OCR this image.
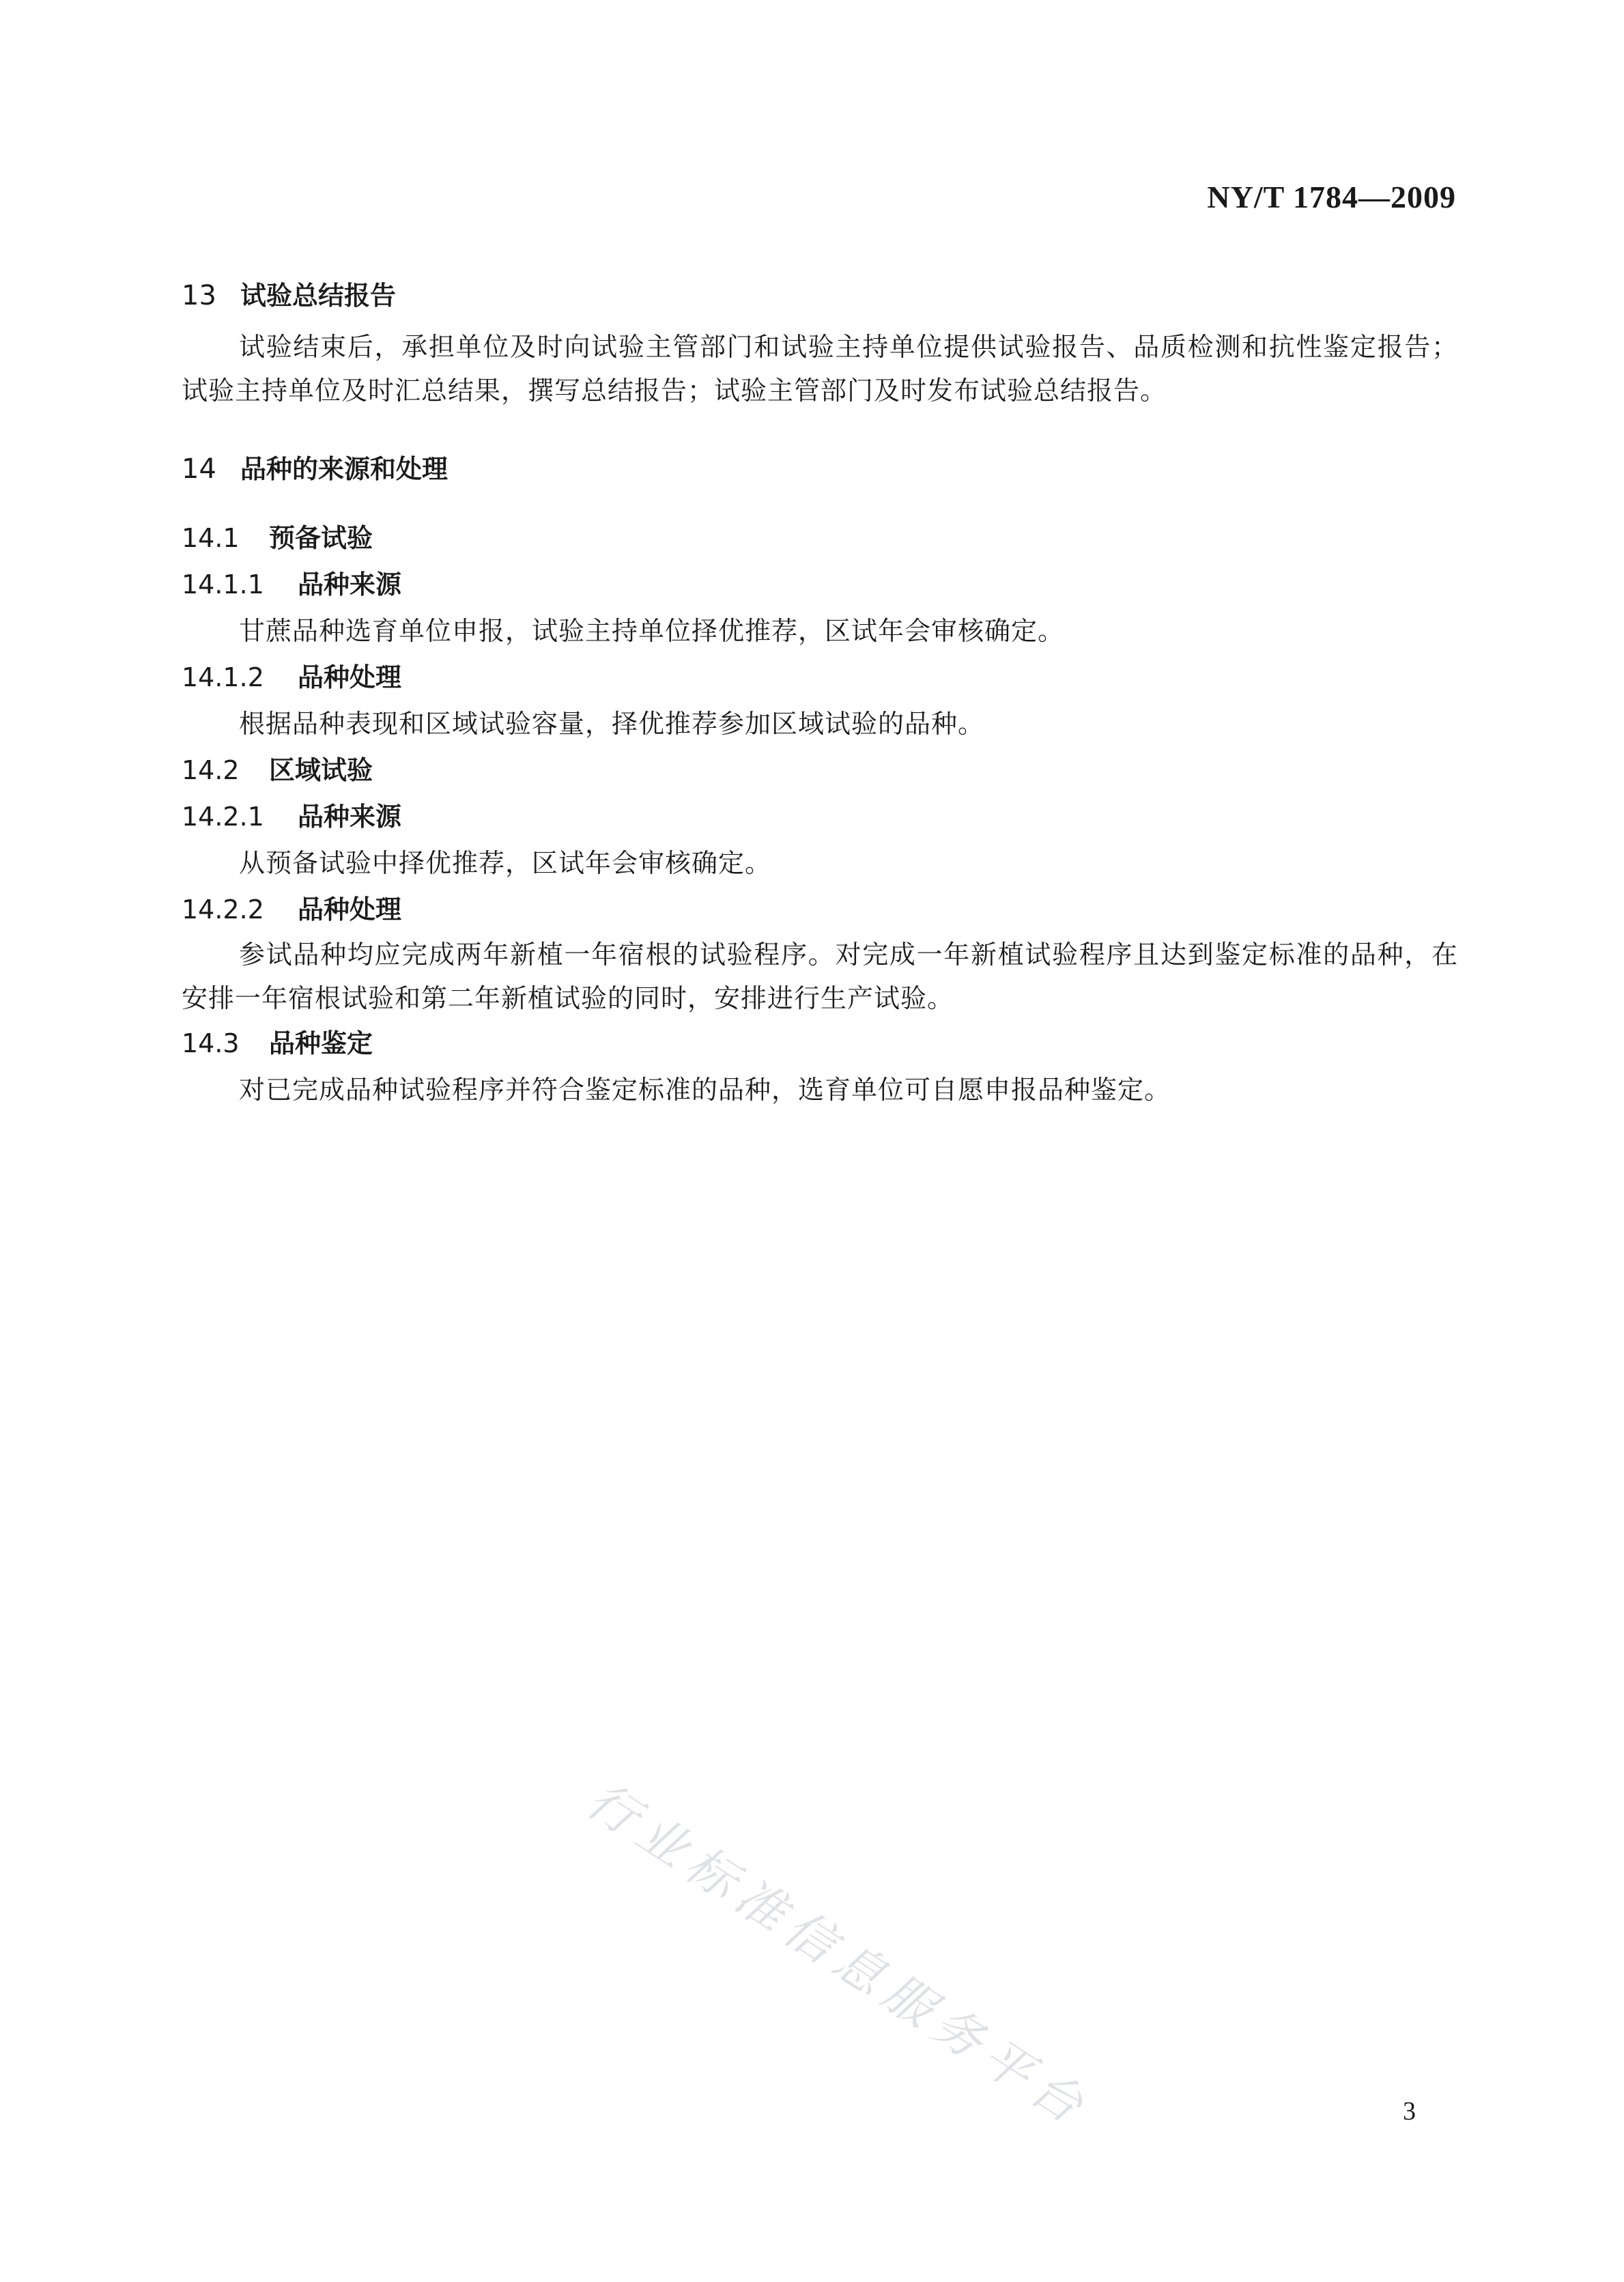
NY/T 1784—2009
13 试验总结报告

试验结束后，承担单位及时向试验主管部门和试验主持单位提供试验报告、品质检测和抗性鉴定报告；试验主持单位及时汇总结果，撰写总结报告；试验主管部门及时发布试验总结报告。

14 品种的来源和处理
14.1	预备试验
14.1.1	品种来源

甘蔗品种选育单位申报，试验主持单位择优推荐，区试年会审核确定。

14.1.2	品种处理

根据品种表现和区域试验容量，择优推荐参加区域试验的品种。

14.2	区域试验
14.2.1	品种来源

从预备试验中择优推荐，区试年会审核确定。

14.2.2	品种处理

参试品种均应完成两年新植一年宿根的试验程序。对完成一年新植试验程序且达到鉴定标准的品种，在安排一年宿根试验和第二年新植试验的同时，安排进行生产试验。

14.3	品种鉴定

对已完成品种试验程序并符合鉴定标准的品种，选育单位可自愿申报品种鉴定。

行业标准信息服务平台	3
